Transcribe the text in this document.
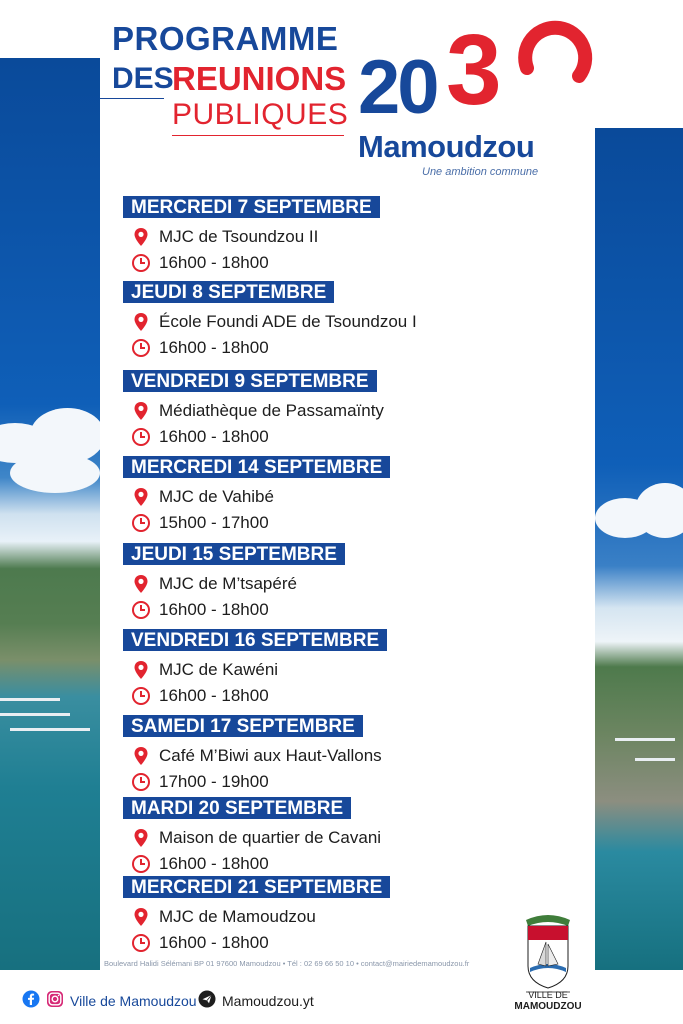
PROGRAMME
DES
REUNIONS
PUBLIQUES 20 3
Mamoudzou
Une ambition commune
MERCREDI 7 SEPTEMBRE
MJC de Tsoundzou II
16h00 - 18h00
JEUDI 8 SEPTEMBRE
École Foundi ADE de Tsoundzou I
16h00 - 18h00
VENDREDI 9 SEPTEMBRE
Médiathèque de Passamaïnty
16h00 - 18h00
MERCREDI 14 SEPTEMBRE
MJC de Vahibé
15h00 - 17h00
JEUDI 15 SEPTEMBRE
MJC de M’tsapéré
16h00 - 18h00
VENDREDI 16 SEPTEMBRE
MJC de Kawéni
16h00 - 18h00
SAMEDI 17 SEPTEMBRE
Café M’Biwi aux Haut-Vallons
17h00 - 19h00
MARDI 20 SEPTEMBRE
Maison de quartier de Cavani
16h00 - 18h00
MERCREDI 21 SEPTEMBRE
MJC de Mamoudzou
16h00 - 18h00
Boulevard Halidi Sélémani BP 01 97600 Mamoudzou • Tél : 02 69 66 50 10 • contact@mairiedemamoudzou.fr
Ville de Mamoudzou Mamoudzou.yt	VILLE DE
MAMOUDZOU
